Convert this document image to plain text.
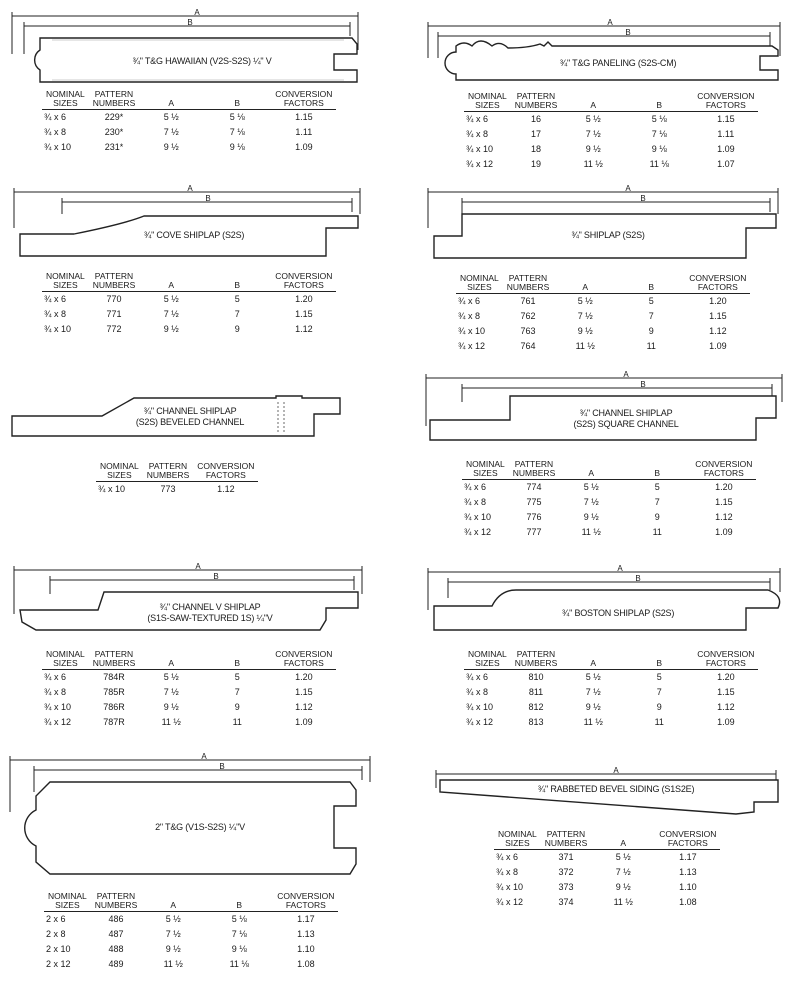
A
B
¾" T&G HAWAIIAN (V2S-S2S) ¼" V
NOMINAL
SIZES	PATTERN
NUMBERS	A	B	CONVERSION
FACTORS
¾ x 6	229*	5 ½	5 ⅛	1.15
¾ x 8	230*	7 ½	7 ⅛	1.11
¾ x 10	231*	9 ½	9 ⅛	1.09
A
B
¾" T&G PANELING (S2S-CM)
NOMINAL
SIZES	PATTERN
NUMBERS	A	B	CONVERSION
FACTORS
¾ x 6	16	5 ½	5 ⅛	1.15
¾ x 8	17	7 ½	7 ⅛	1.11
¾ x 10	18	9 ½	9 ⅛	1.09
¾ x 12	19	11 ½	11 ⅛	1.07
A
B
¾" COVE SHIPLAP (S2S)
NOMINAL
SIZES	PATTERN
NUMBERS	A	B	CONVERSION
FACTORS
¾ x 6	770	5 ½	5	1.20
¾ x 8	771	7 ½	7	1.15
¾ x 10	772	9 ½	9	1.12
A
B
¾" SHIPLAP (S2S)
NOMINAL
SIZES	PATTERN
NUMBERS	A	B	CONVERSION
FACTORS
¾ x 6	761	5 ½	5	1.20
¾ x 8	762	7 ½	7	1.15
¾ x 10	763	9 ½	9	1.12
¾ x 12	764	11 ½	11	1.09
¾" CHANNEL SHIPLAP
(S2S) BEVELED CHANNEL
NOMINAL
SIZES	PATTERN
NUMBERS	CONVERSION
FACTORS
¾ x 10	773	1.12
A
B
¾" CHANNEL SHIPLAP
(S2S) SQUARE CHANNEL
NOMINAL
SIZES	PATTERN
NUMBERS	A	B	CONVERSION
FACTORS
¾ x 6	774	5 ½	5	1.20
¾ x 8	775	7 ½	7	1.15
¾ x 10	776	9 ½	9	1.12
¾ x 12	777	11 ½	11	1.09
A
B
¾" CHANNEL V SHIPLAP
(S1S-SAW-TEXTURED 1S) ¼"V
NOMINAL
SIZES	PATTERN
NUMBERS	A	B	CONVERSION
FACTORS
¾ x 6	784R	5 ½	5	1.20
¾ x 8	785R	7 ½	7	1.15
¾ x 10	786R	9 ½	9	1.12
¾ x 12	787R	11 ½	11	1.09
A
B
¾" BOSTON SHIPLAP (S2S)
NOMINAL
SIZES	PATTERN
NUMBERS	A	B	CONVERSION
FACTORS
¾ x 6	810	5 ½	5	1.20
¾ x 8	811	7 ½	7	1.15
¾ x 10	812	9 ½	9	1.12
¾ x 12	813	11 ½	11	1.09
A
B
2" T&G (V1S-S2S) ¼"V
NOMINAL
SIZES	PATTERN
NUMBERS	A	B	CONVERSION
FACTORS
2 x 6	486	5 ½	5 ⅛	1.17
2 x 8	487	7 ½	7 ⅛	1.13
2 x 10	488	9 ½	9 ⅛	1.10
2 x 12	489	11 ½	11 ⅛	1.08
A
¾" RABBETED BEVEL SIDING (S1S2E)
NOMINAL
SIZES	PATTERN
NUMBERS	A	CONVERSION
FACTORS
¾ x 6	371	5 ½	1.17
¾ x 8	372	7 ½	1.13
¾ x 10	373	9 ½	1.10
¾ x 12	374	11 ½	1.08
